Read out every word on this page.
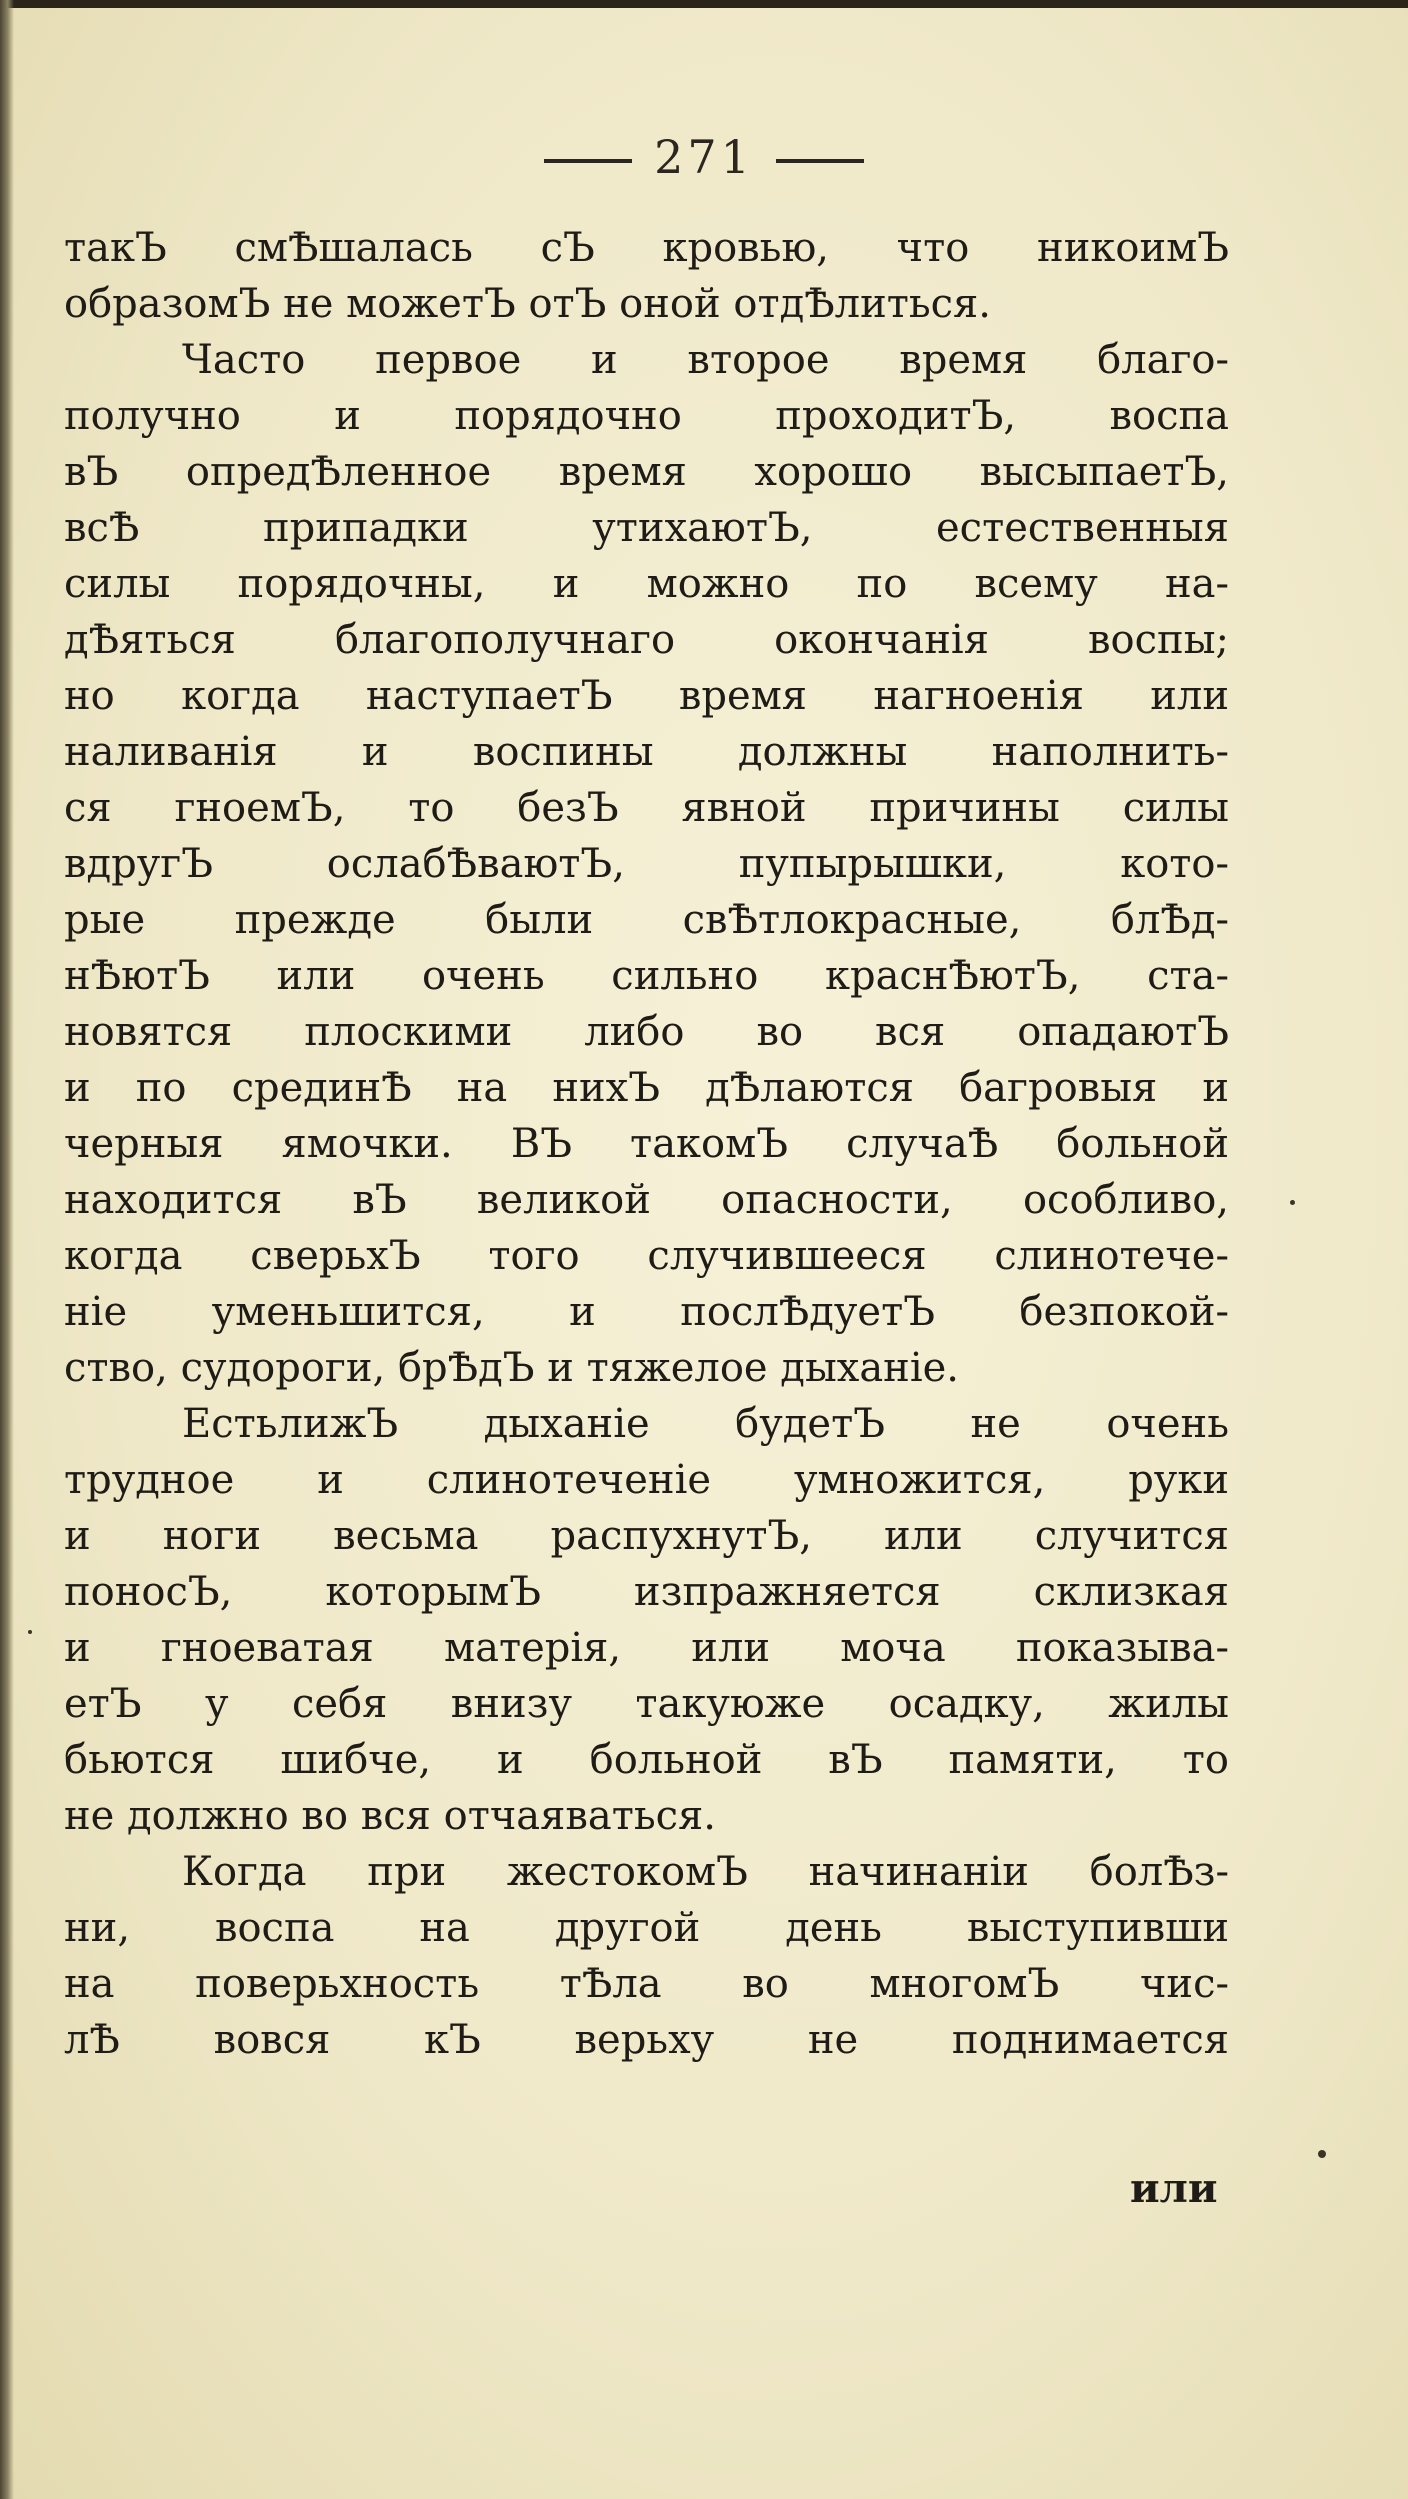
271
такЪ смѢшалась сЪ кровью, что никоимЪ
образомЪ не можетЪ отЪ оной отдѢлиться.
Часто первое и второе время благо-
получно и порядочно проходитЪ, воспа
вЪ опредѢленное время хорошо высыпаетЪ,
всѢ припадки утихаютЪ, естественныя
силы порядочны, и можно по всему на-
дѢяться благополучнаго окончанія воспы;
но когда наступаетЪ время нагноенія или
наливанія и воспины должны наполнить-
ся гноемЪ, то безЪ явной причины силы
вдругЪ ослабѢваютЪ, пупырышки, кото-
рые прежде были свѢтлокрасные, блѢд-
нѢютЪ или очень сильно краснѢютЪ, ста-
новятся плоскими либо во вся опадаютЪ
и по срединѢ на нихЪ дѢлаются багровыя и
черныя ямочки. ВЪ такомЪ случаѢ больной
находится вЪ великой опасности, особливо,
когда сверьхЪ того случившееся слинотече-
ніе уменьшится, и послѢдуетЪ безпокой-
ство, судороги, брѢдЪ и тяжелое дыханіе.
ЕстьлижЪ дыханіе будетЪ не очень
трудное и слинотеченіе умножится, руки
и ноги весьма распухнутЪ, или случится
поносЪ, которымЪ изпражняется склизкая
и гноеватая матерія, или моча показыва-
етЪ у себя внизу такуюже осадку, жилы
бьются шибче, и больной вЪ памяти, то
не должно во вся отчаяваться.
Когда при жестокомЪ начинаніи болѢз-
ни, воспа на другой день выступивши
на поверьхность тѢла во многомЪ чис-
лѢ вовся кЪ верьху не поднимается
или
